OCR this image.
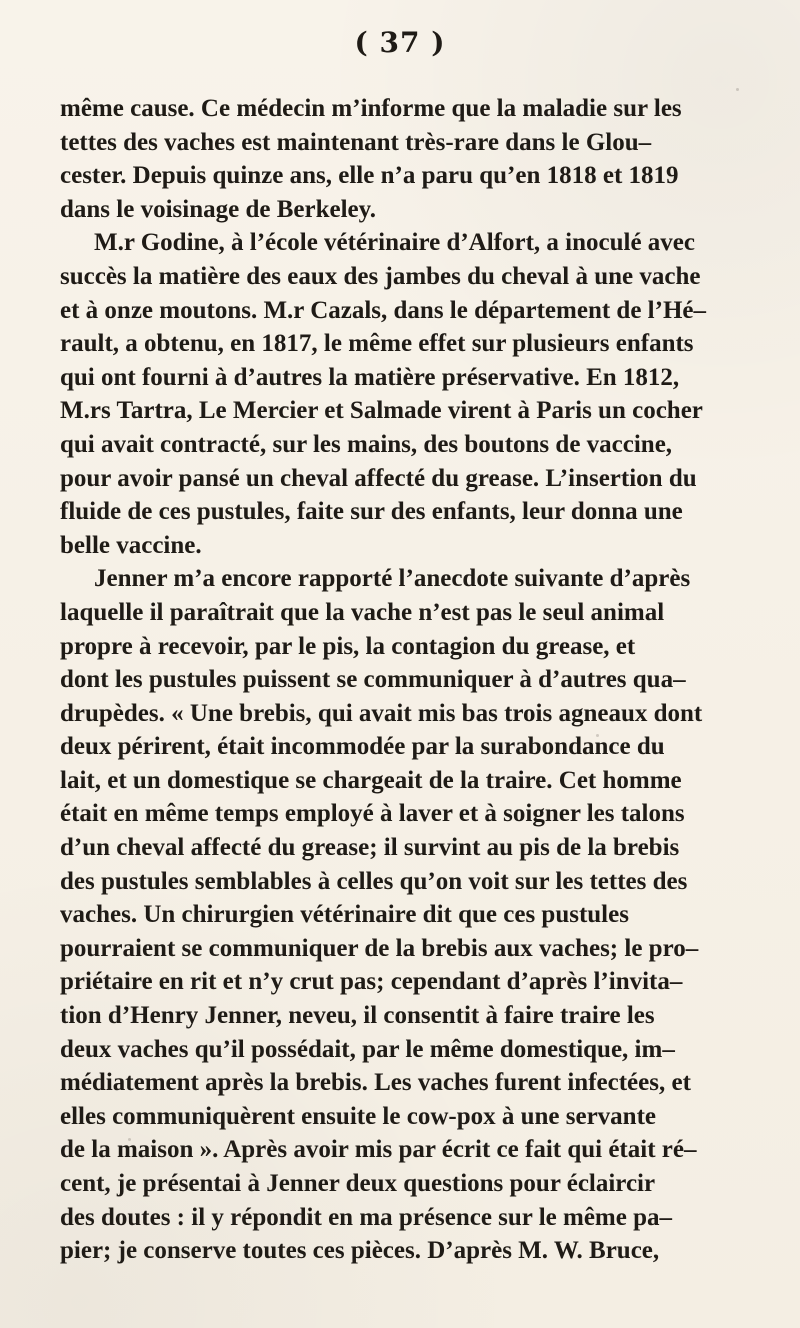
( 37 )
même cause. Ce médecin m’informe que la maladie sur les
tettes des vaches est maintenant très-rare dans le Glou–
cester. Depuis quinze ans, elle n’a paru qu’en 1818 et 1819
dans le voisinage de Berkeley.
M.r Godine, à l’école vétérinaire d’Alfort, a inoculé avec
succès la matière des eaux des jambes du cheval à une vache
et à onze moutons. M.r Cazals, dans le département de l’Hé–
rault, a obtenu, en 1817, le même effet sur plusieurs enfants
qui ont fourni à d’autres la matière préservative. En 1812,
M.rs Tartra, Le Mercier et Salmade virent à Paris un cocher
qui avait contracté, sur les mains, des boutons de vaccine,
pour avoir pansé un cheval affecté du grease. L’insertion du
fluide de ces pustules, faite sur des enfants, leur donna une
belle vaccine.
Jenner m’a encore rapporté l’anecdote suivante d’après
laquelle il paraîtrait que la vache n’est pas le seul animal
propre à recevoir, par le pis, la contagion du grease, et
dont les pustules puissent se communiquer à d’autres qua–
drupèdes. « Une brebis, qui avait mis bas trois agneaux dont
deux périrent, était incommodée par la surabondance du
lait, et un domestique se chargeait de la traire. Cet homme
était en même temps employé à laver et à soigner les talons
d’un cheval affecté du grease; il survint au pis de la brebis
des pustules semblables à celles qu’on voit sur les tettes des
vaches. Un chirurgien vétérinaire dit que ces pustules
pourraient se communiquer de la brebis aux vaches; le pro–
priétaire en rit et n’y crut pas; cependant d’après l’invita–
tion d’Henry Jenner, neveu, il consentit à faire traire les
deux vaches qu’il possédait, par le même domestique, im–
médiatement après la brebis. Les vaches furent infectées, et
elles communiquèrent ensuite le cow-pox à une servante
de la maison ». Après avoir mis par écrit ce fait qui était ré–
cent, je présentai à Jenner deux questions pour éclaircir
des doutes : il y répondit en ma présence sur le même pa–
pier; je conserve toutes ces pièces. D’après M. W. Bruce,
